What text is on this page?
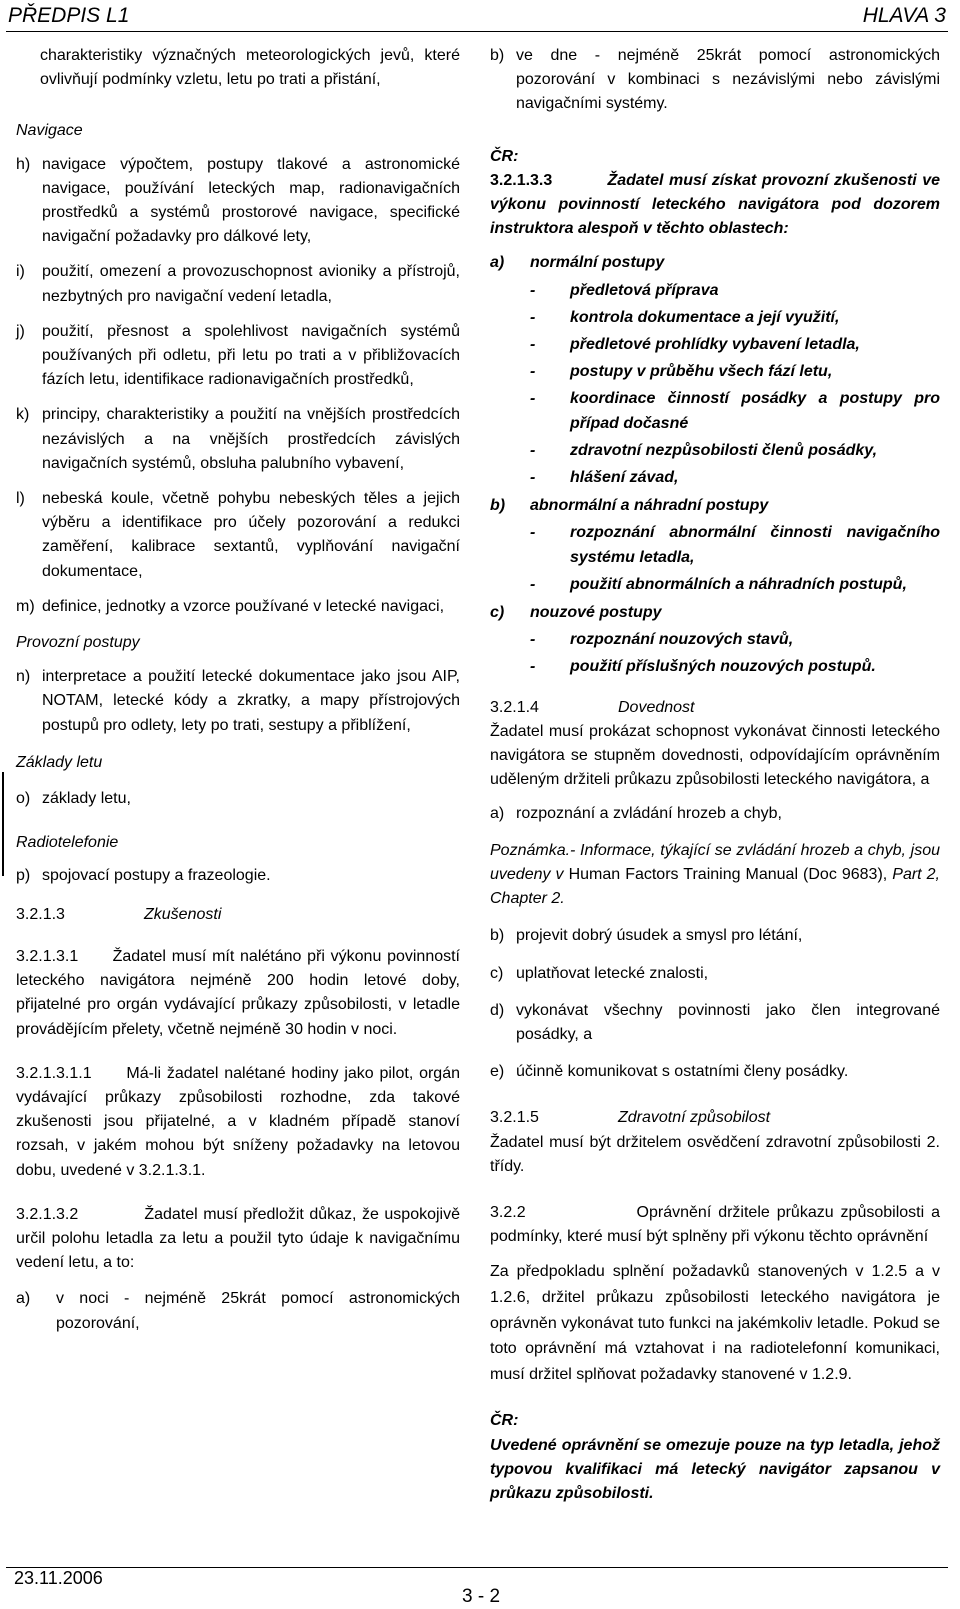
PŘEDPIS L1	HLAVA 3
charakteristiky význačných meteorologických jevů, které ovlivňují podmínky vzletu, letu po trati a přistání,
Navigace
h) navigace výpočtem, postupy tlakové a astronomické navigace, používání leteckých map, radionavigačních prostředků a systémů prostorové navigace, specifické navigační požadavky pro dálkové lety,
i)	použití, omezení a provozuschopnost avioniky a přístrojů, nezbytných pro navigační vedení letadla,
j)	použití, přesnost a spolehlivost navigačních systémů používaných při odletu, při letu po trati a v přibližovacích fázích letu, identifikace radionavigačních prostředků,
k) principy, charakteristiky a použití na vnějších prostředcích nezávislých a na vnějších prostředcích závislých navigačních systémů, obsluha palubního vybavení,
l)	nebeská koule, včetně pohybu nebeských těles a jejich výběru a identifikace pro účely pozorování a redukci zaměření, kalibrace sextantů, vyplňování navigační dokumentace,
m) definice, jednotky a vzorce používané v letecké navigaci,
Provozní postupy
n) interpretace a použití letecké dokumentace jako jsou AIP, NOTAM, letecké kódy a zkratky, a mapy přístrojových postupů pro odlety, lety po trati, sestupy a přiblížení,
Základy letu
o) základy letu,
Radiotelefonie
p) spojovací postupy a frazeologie.
3.2.1.3	Zkušenosti
3.2.1.3.1 Žadatel musí mít nalétáno při výkonu povinností leteckého navigátora nejméně 200 hodin letové doby, přijatelné pro orgán vydávající průkazy způsobilosti, v letadle provádějícím přelety, včetně nejméně 30 hodin v noci.
3.2.1.3.1.1 Má-li žadatel nalétané hodiny jako pilot, orgán vydávající průkazy způsobilosti rozhodne, zda takové zkušenosti jsou přijatelné, a v kladném případě stanoví rozsah, v jakém mohou být sníženy požadavky na letovou dobu, uvedené v 3.2.1.3.1.
3.2.1.3.2	Žadatel musí předložit důkaz, že uspokojivě určil polohu letadla za letu a použil tyto údaje k navigačnímu vedení letu, a to:
a)	v noci - nejméně 25krát pomocí astronomických pozorování,
b) ve dne - nejméně 25krát pomocí astronomických pozorování v kombinaci s nezávislými nebo závislými navigačními systémy.
ČR:
3.2.1.3.3	Žadatel musí získat provozní zkušenosti ve výkonu povinností leteckého navigátora pod dozorem instruktora alespoň v těchto oblastech:
a)	normální postupy
-	předletová příprava
-	kontrola dokumentace a její využití,
-	předletové prohlídky vybavení letadla,
-	postupy v průběhu všech fází letu,
-	koordinace činností posádky a postupy pro případ dočasné
-	zdravotní nezpůsobilosti členů posádky,
-	hlášení závad,
b)	abnormální a náhradní postupy
-	rozpoznání abnormální činnosti navigačního systému letadla,
-	použití abnormálních a náhradních postupů,
c)	nouzové postupy
-	rozpoznání nouzových stavů,
-	použití příslušných nouzových postupů.
3.2.1.4	Dovednost
Žadatel musí prokázat schopnost vykonávat činnosti leteckého navigátora se stupněm dovednosti, odpovídajícím oprávněním uděleným držiteli průkazu způsobilosti leteckého navigátora, a
a) rozpoznání a zvládání hrozeb a chyb,
Poznámka.- Informace, týkající se zvládání hrozeb a chyb, jsou uvedeny v Human Factors Training Manual (Doc 9683), Part 2, Chapter 2.
b) projevit dobrý úsudek a smysl pro létání,
c) uplatňovat letecké znalosti,
d) vykonávat všechny povinnosti jako člen integrované posádky, a
e) účinně komunikovat s ostatními členy posádky.
3.2.1.5	Zdravotní způsobilost
Žadatel musí být držitelem osvědčení zdravotní způsobilosti 2. třídy.
3.2.2	Oprávnění držitele průkazu způsobilosti a podmínky, které musí být splněny při výkonu těchto oprávnění
Za předpokladu splnění požadavků stanovených v 1.2.5 a v 1.2.6, držitel průkazu způsobilosti leteckého navigátora je oprávněn vykonávat tuto funkci na jakémkoliv letadle. Pokud se toto oprávnění má vztahovat i na radiotelefonní komunikaci, musí držitel splňovat požadavky stanovené v 1.2.9.
ČR:
Uvedené oprávnění se omezuje pouze na typ letadla, jehož typovou kvalifikaci má letecký navigátor zapsanou v průkazu způsobilosti.
23.11.2006
3 - 2
